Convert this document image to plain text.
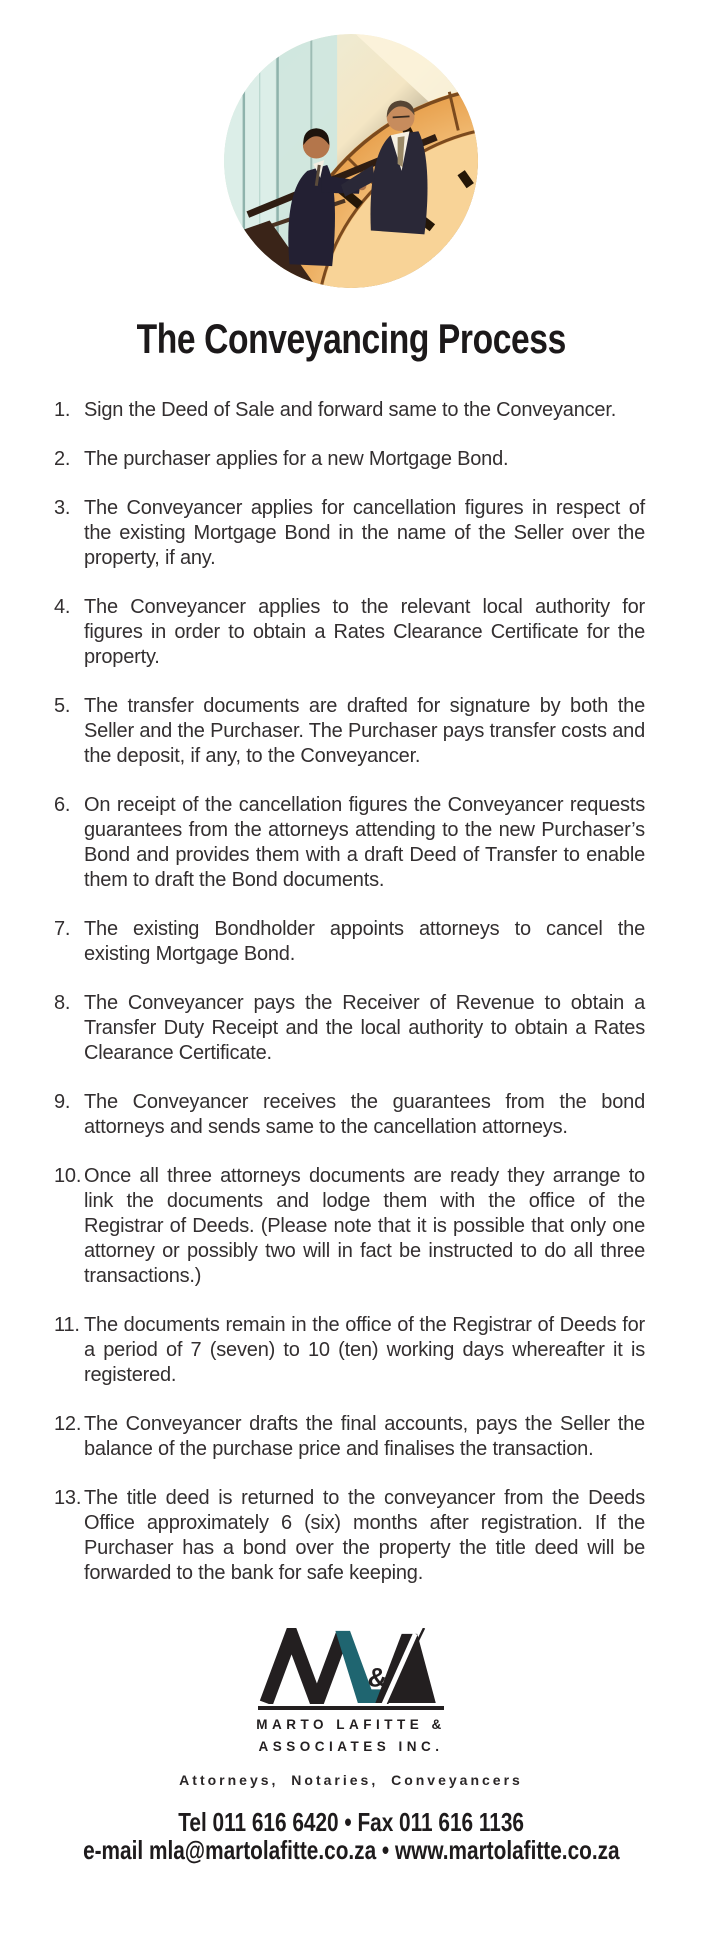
The Conveyancing Process
1. Sign the Deed of Sale and forward same to the Conveyancer.
2. The purchaser applies for a new Mortgage Bond.
3. The Conveyancer applies for cancellation figures in respect of the existing Mortgage Bond in the name of the Seller over the property, if any.
4. The Conveyancer applies to the relevant local authority for figures in order to obtain a Rates Clearance Certificate for the property.
5. The transfer documents are drafted for signature by both the Seller and the Purchaser. The Purchaser pays transfer costs and the deposit, if any, to the Conveyancer.
6. On receipt of the cancellation figures the Conveyancer requests guarantees from the attorneys attending to the new Purchaser’s Bond and provides them with a draft Deed of Transfer to enable them to draft the Bond documents.
7. The existing Bondholder appoints attorneys to cancel the existing Mortgage Bond.
8. The Conveyancer pays the Receiver of Revenue to obtain a Transfer Duty Receipt and the local authority to obtain a Rates Clearance Certificate.
9. The Conveyancer receives the guarantees from the bond attorneys and sends same to the cancellation attorneys.
10. Once all three attorneys documents are ready they arrange to link the documents and lodge them with the office of the Registrar of Deeds. (Please note that it is possible that only one attorney or possibly two will in fact be instructed to do all three transactions.)
11. The documents remain in the office of the Registrar of Deeds for a period of 7 (seven) to 10 (ten) working days whereafter it is registered.
12. The Conveyancer drafts the final accounts, pays the Seller the balance of the purchase price and finalises the transaction.
13. The title deed is returned to the conveyancer from the Deeds Office approximately 6 (six) months after registration. If the Purchaser has a bond over the property the title deed will be forwarded to the bank for safe keeping.
&
MARTO LAFITTE &
ASSOCIATES INC.
Attorneys, Notaries, Conveyancers
Tel 011 616 6420 • Fax 011 616 1136
e-mail mla@martolafitte.co.za • www.martolafitte.co.za
